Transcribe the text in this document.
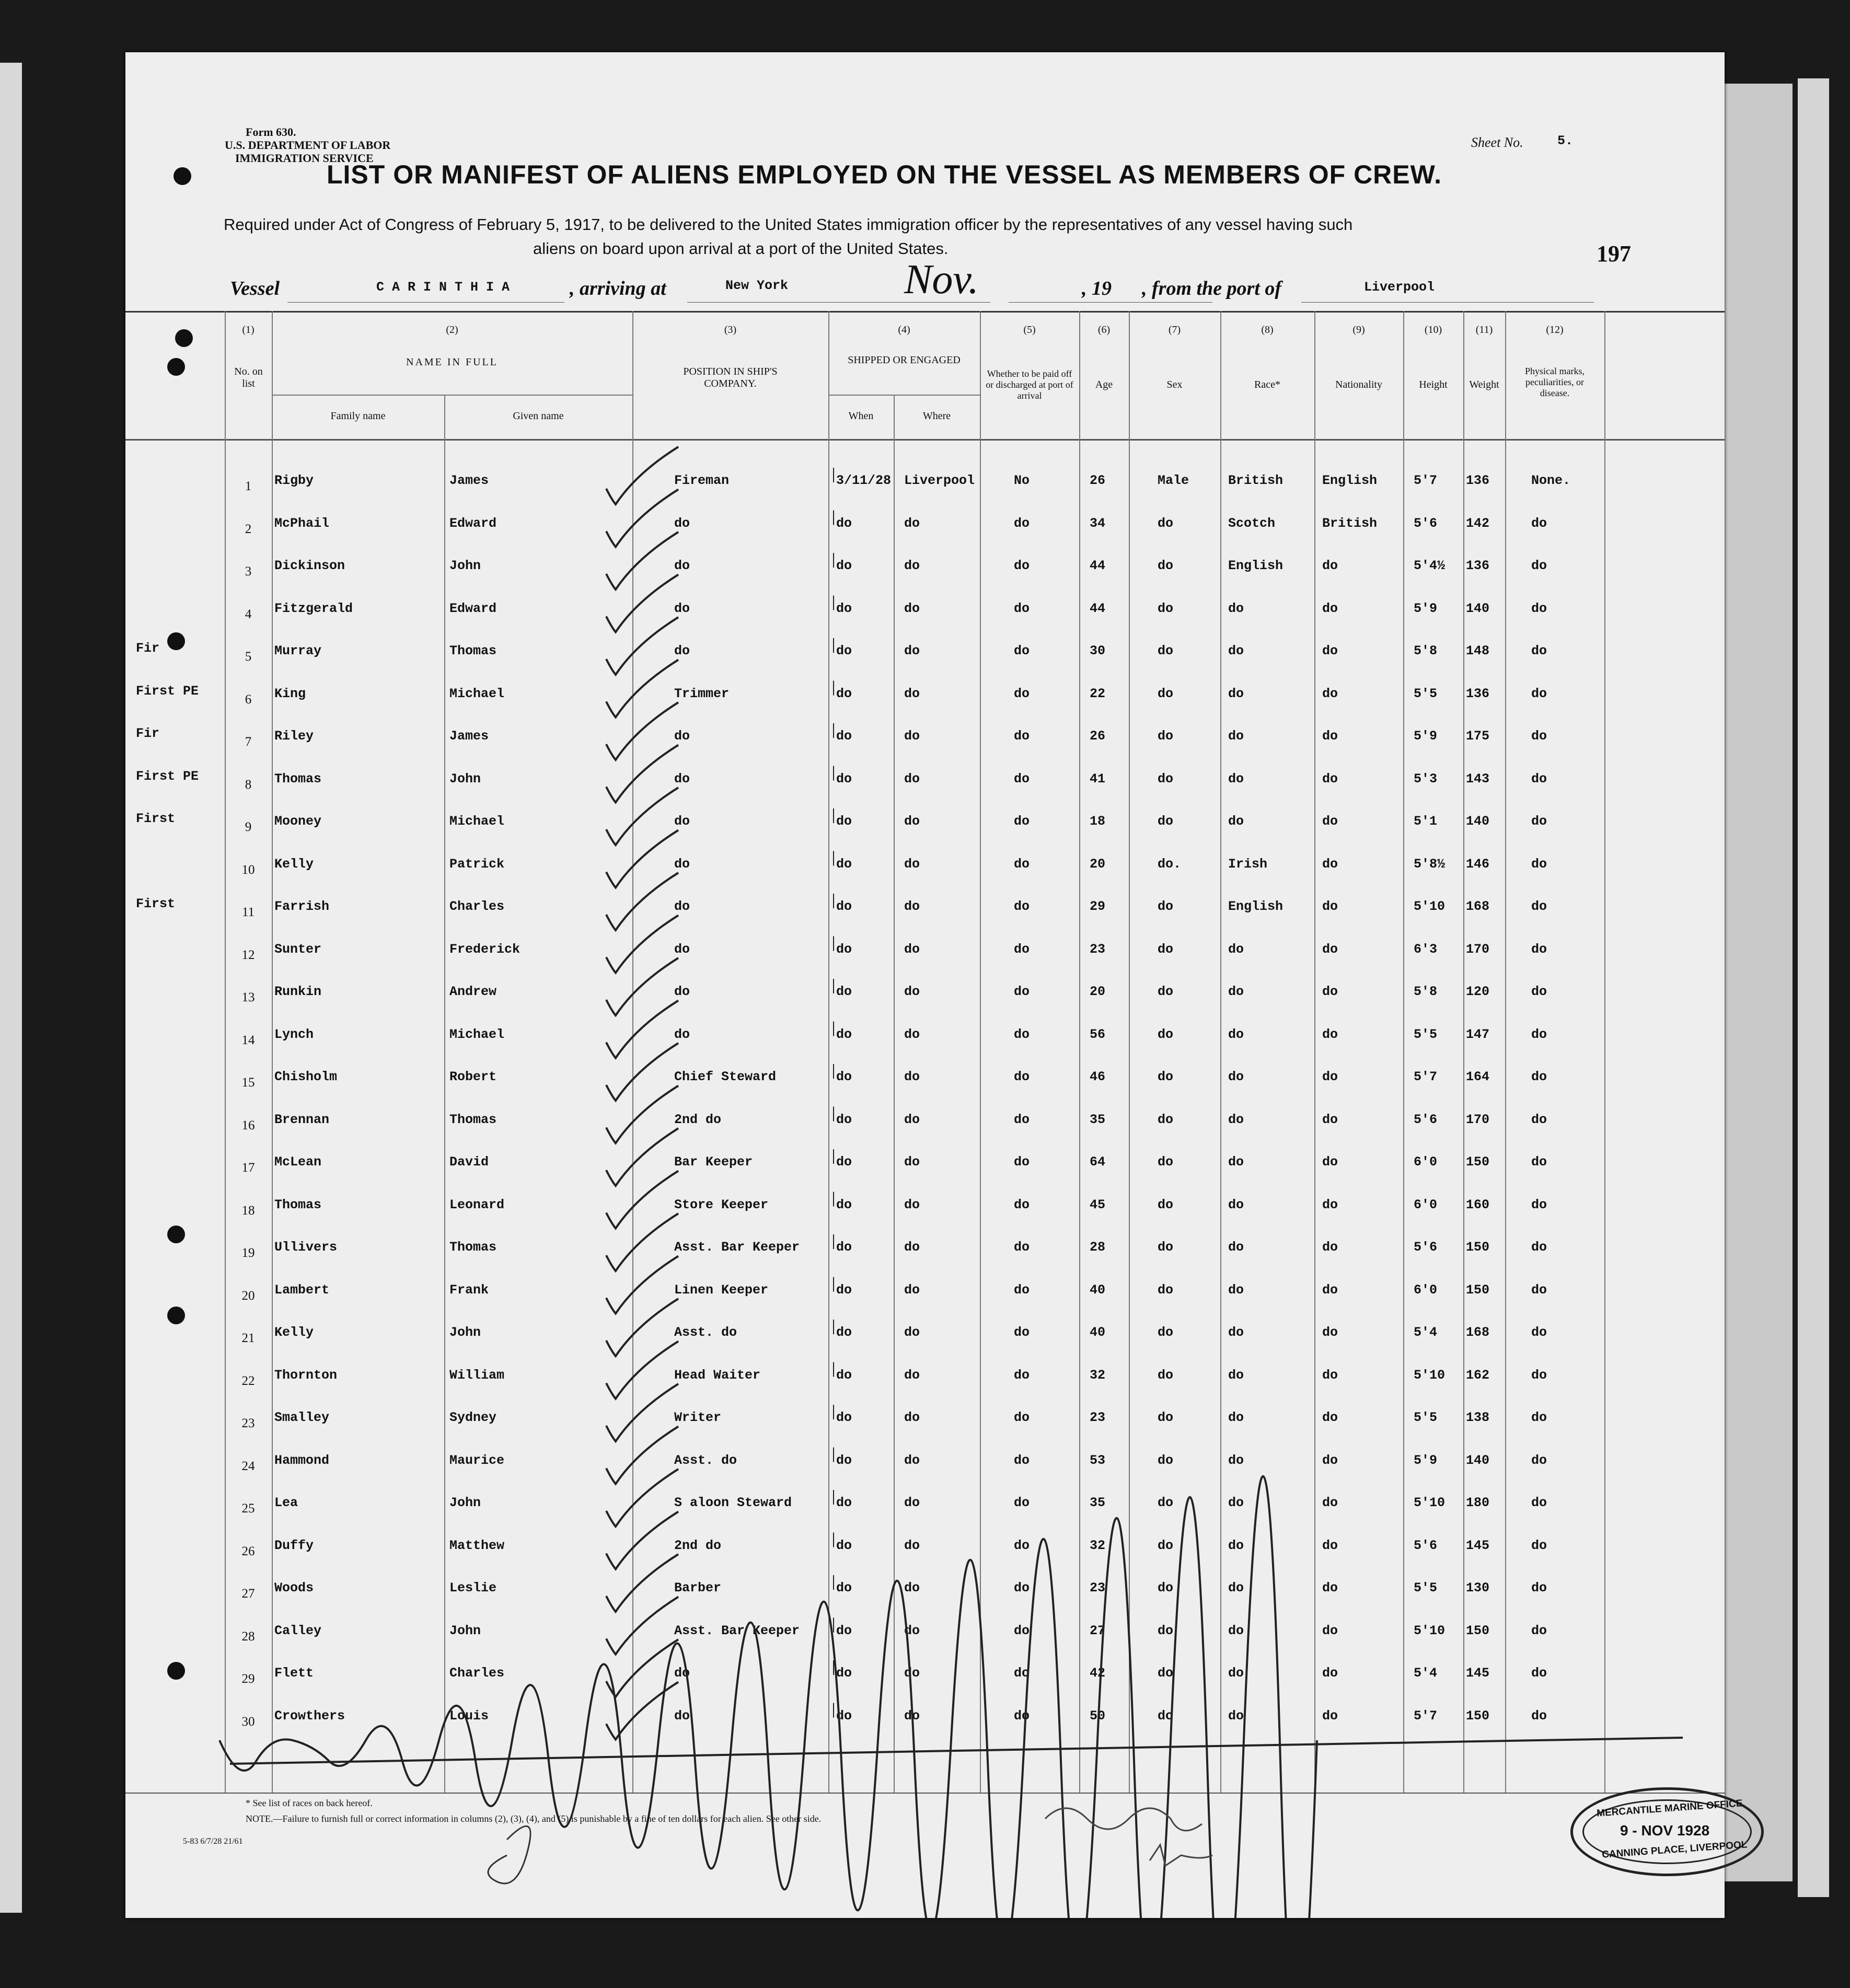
Form 630.
U.S. DEPARTMENT OF LABOR
IMMIGRATION SERVICE
Sheet No.	5.
LIST OR MANIFEST OF ALIENS EMPLOYED ON THE VESSEL AS MEMBERS OF CREW.
Required under Act of Congress of February 5, 1917, to be delivered to the United States immigration officer by the representatives of any vessel having such
aliens on board upon arrival at a port of the United States.	197
Vessel	C A R I N T H I A	, arriving at	New York	Nov.	, 19 , from the port of	Liverpool
(1)
No. on list
(2)
NAME IN FULL
Family name	Given name
(3)
POSITION IN SHIP'S COMPANY.
(4)
SHIPPED OR ENGAGED
When	Where
(5)
Whether to be paid off or discharged at port of arrival
(6)
Age
(7)
Sex
(8)
Race*
(9)
Nationality
(10)
Height
(11)
Weight
(12)
Physical marks, peculiarities, or disease.
1	Rigby	James	Fireman	3/11/28 Liverpool	No	26	Male	British	English	5'7 136	None.
2	McPhail	Edward	do	do	do	do	34	do	Scotch	British	5'6 142	do
3	Dickinson	John	do	do	do	do	44	do	English	do	5'4½ 136	do
4	Fitzgerald	Edward	do	do	do	do	44	do	do	do	5'9 140	do
5	Murray	Thomas	do	do	do	do	30	do	do	do	5'8 148	do
6	King	Michael	Trimmer	do	do	do	22	do	do	do	5'5 136	do
7	Riley	James	do	do	do	do	26	do	do	do	5'9 175	do
8	Thomas	John	do	do	do	do	41	do	do	do	5'3 143	do
9	Mooney	Michael	do	do	do	do	18	do	do	do	5'1 140	do
10	Kelly	Patrick	do	do	do	do	20	do.	Irish	do	5'8½ 146	do
11	Farrish	Charles	do	do	do	do	29	do	English	do	5'10 168	do
12	Sunter	Frederick	do	do	do	do	23	do	do	do	6'3 170	do
13	Runkin	Andrew	do	do	do	do	20	do	do	do	5'8 120	do
14	Lynch	Michael	do	do	do	do	56	do	do	do	5'5 147	do
15	Chisholm	Robert	Chief Steward	do	do	do	46	do	do	do	5'7 164	do
16	Brennan	Thomas	2nd do	do	do	do	35	do	do	do	5'6 170	do
17	McLean	David	Bar Keeper	do	do	do	64	do	do	do	6'0 150	do
18	Thomas	Leonard	Store Keeper	do	do	do	45	do	do	do	6'0 160	do
19	Ullivers	Thomas	Asst. Bar Keeper	do	do	do	28	do	do	do	5'6 150	do
20	Lambert	Frank	Linen Keeper	do	do	do	40	do	do	do	6'0 150	do
21	Kelly	John	Asst. do	do	do	do	40	do	do	do	5'4 168	do
22	Thornton	William	Head Waiter	do	do	do	32	do	do	do	5'10 162	do
23	Smalley	Sydney	Writer	do	do	do	23	do	do	do	5'5 138	do
24	Hammond	Maurice	Asst. do	do	do	do	53	do	do	do	5'9 140	do
25	Lea	John	S aloon Steward	do	do	do	35	do	do	do	5'10 180	do
26	Duffy	Matthew	2nd do	do	do	do	32	do	do	do	5'6 145	do
27	Woods	Leslie	Barber	do	do	do	23	do	do	do	5'5 130	do
28	Calley	John	Asst. Bar Keeper	do	do	do	27	do	do	do	5'10 150	do
29	Flett	Charles	do	do	do	do	42	do	do	do	5'4 145	do
30	Crowthers	Louis	do	do	do	do	50	do	do	do	5'7 150	do
Fir
First PE
Fir
First PE
First
First
* See list of races on back hereof.
NOTE.—Failure to furnish full or correct information in columns (2), (3), (4), and (5) is punishable by a fine of ten dollars for each alien. See other side.
5-83 6/7/28 21/61
MERCANTILE MARINE OFFICE
9 - NOV 1928
CANNING PLACE, LIVERPOOL
